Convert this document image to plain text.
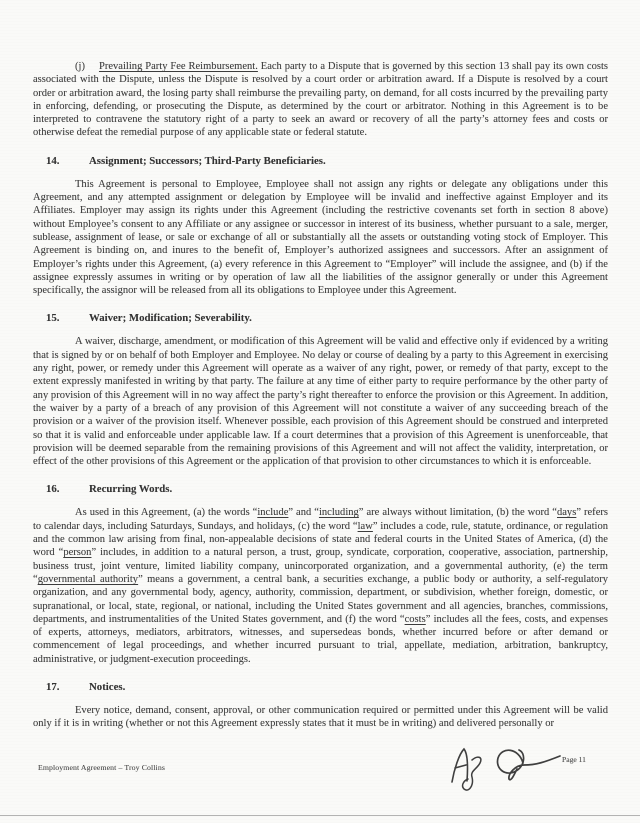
(j) Prevailing Party Fee Reimbursement. Each party to a Dispute that is governed by this section 13 shall pay its own costs associated with the Dispute, unless the Dispute is resolved by a court order or arbitration award. If a Dispute is resolved by a court order or arbitration award, the losing party shall reimburse the prevailing party, on demand, for all costs incurred by the prevailing party in enforcing, defending, or prosecuting the Dispute, as determined by the court or arbitrator. Nothing in this Agreement is to be interpreted to contravene the statutory right of a party to seek an award or recovery of all the party’s attorney fees and costs or otherwise defeat the remedial purpose of any applicable state or federal statute.

14.	Assignment; Successors; Third-Party Beneficiaries.

This Agreement is personal to Employee, Employee shall not assign any rights or delegate any obligations under this Agreement, and any attempted assignment or delegation by Employee will be invalid and ineffective against Employer and its Affiliates. Employer may assign its rights under this Agreement (including the restrictive covenants set forth in section 8 above) without Employee’s consent to any Affiliate or any assignee or successor in interest of its business, whether pursuant to a sale, merger, sublease, assignment of lease, or sale or exchange of all or substantially all the assets or outstanding voting stock of Employer. This Agreement is binding on, and inures to the benefit of, Employer’s authorized assignees and successors. After an assignment of Employer’s rights under this Agreement, (a) every reference in this Agreement to “Employer” will include the assignee, and (b) if the assignee expressly assumes in writing or by operation of law all the liabilities of the assignor generally or under this Agreement specifically, the assignor will be released from all its obligations to Employee under this Agreement.

15.	Waiver; Modification; Severability.

A waiver, discharge, amendment, or modification of this Agreement will be valid and effective only if evidenced by a writing that is signed by or on behalf of both Employer and Employee. No delay or course of dealing by a party to this Agreement in exercising any right, power, or remedy under this Agreement will operate as a waiver of any right, power, or remedy of that party, except to the extent expressly manifested in writing by that party. The failure at any time of either party to require performance by the other party of any provision of this Agreement will in no way affect the party’s right thereafter to enforce the provision or this Agreement. In addition, the waiver by a party of a breach of any provision of this Agreement will not constitute a waiver of any succeeding breach of the provision or a waiver of the provision itself. Whenever possible, each provision of this Agreement should be construed and interpreted so that it is valid and enforceable under applicable law. If a court determines that a provision of this Agreement is unenforceable, that provision will be deemed separable from the remaining provisions of this Agreement and will not affect the validity, interpretation, or effect of the other provisions of this Agreement or the application of that provision to other circumstances to which it is enforceable.

16.	Recurring Words.

As used in this Agreement, (a) the words “include” and “including” are always without limitation, (b) the word “days” refers to calendar days, including Saturdays, Sundays, and holidays, (c) the word “law” includes a code, rule, statute, ordinance, or regulation and the common law arising from final, non-appealable decisions of state and federal courts in the United States of America, (d) the word “person” includes, in addition to a natural person, a trust, group, syndicate, corporation, cooperative, association, partnership, business trust, joint venture, limited liability company, unincorporated organization, and a governmental authority, (e) the term “governmental authority” means a government, a central bank, a securities exchange, a public body or authority, a self-regulatory organization, and any governmental body, agency, authority, commission, department, or subdivision, whether foreign, domestic, or supranational, or local, state, regional, or national, including the United States government and all agencies, branches, commissions, departments, and instrumentalities of the United States government, and (f) the word “costs” includes all the fees, costs, and expenses of experts, attorneys, mediators, arbitrators, witnesses, and supersedeas bonds, whether incurred before or after demand or commencement of legal proceedings, and whether incurred pursuant to trial, appellate, mediation, arbitration, bankruptcy, administrative, or judgment-execution proceedings.

17.	Notices.

Every notice, demand, consent, approval, or other communication required or permitted under this Agreement will be valid only if it is in writing (whether or not this Agreement expressly states that it must be in writing) and delivered personally or

Employment Agreement – Troy Collins
Page 11
